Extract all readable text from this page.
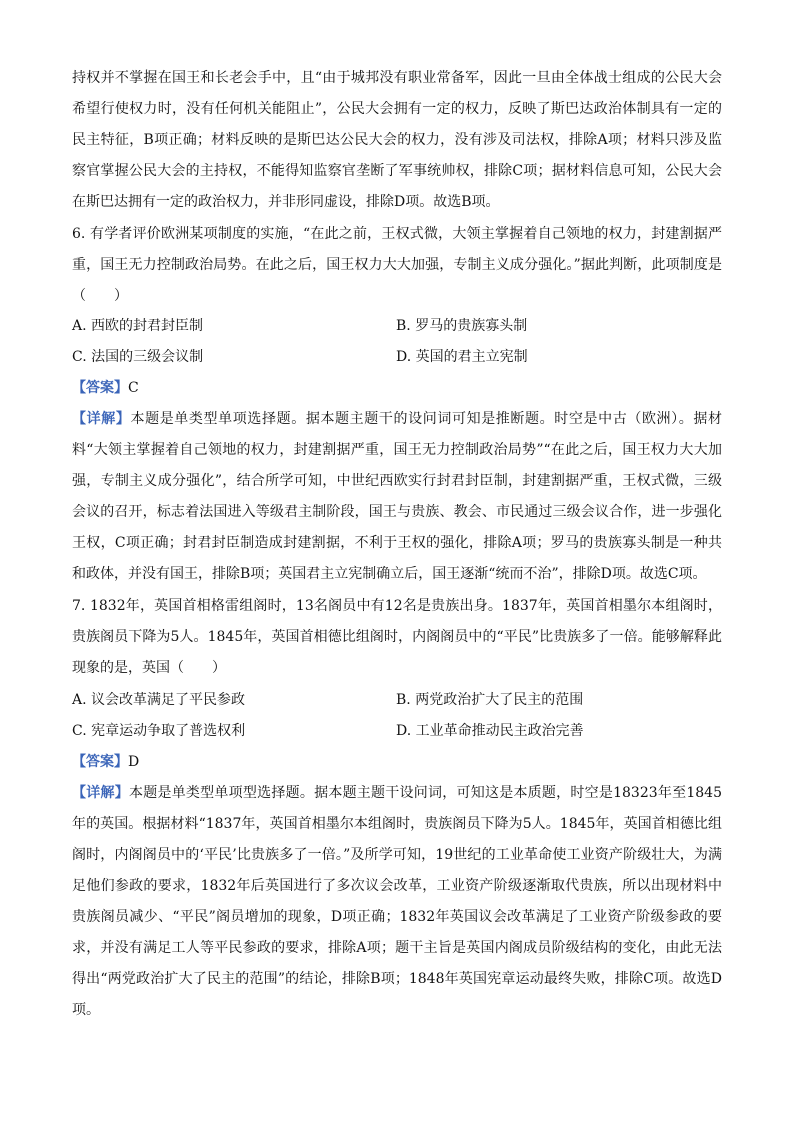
持权并不掌握在国王和长老会手中，且“由于城邦没有职业常备军，因此一旦由全体战士组成的公民大会希望行使权力时，没有任何机关能阻止”，公民大会拥有一定的权力，反映了斯巴达政治体制具有一定的民主特征，B项正确；材料反映的是斯巴达公民大会的权力，没有涉及司法权，排除A项；材料只涉及监察官掌握公民大会的主持权，不能得知监察官垄断了军事统帅权，排除C项；据材料信息可知，公民大会在斯巴达拥有一定的政治权力，并非形同虚设，排除D项。故选B项。

6. 有学者评价欧洲某项制度的实施，“在此之前，王权式微，大领主掌握着自己领地的权力，封建割据严重，国王无力控制政治局势。在此之后，国王权力大大加强，专制主义成分强化。”据此判断，此项制度是（　　）

A. 西欧的封君封臣制	B. 罗马的贵族寡头制
C. 法国的三级会议制	D. 英国的君主立宪制
【答案】C

【详解】本题是单类型单项选择题。据本题主题干的设问词可知是推断题。时空是中古（欧洲）。据材料“大领主掌握着自己领地的权力，封建割据严重，国王无力控制政治局势”“在此之后，国王权力大大加强，专制主义成分强化”，结合所学可知，中世纪西欧实行封君封臣制，封建割据严重，王权式微，三级会议的召开，标志着法国进入等级君主制阶段，国王与贵族、教会、市民通过三级会议合作，进一步强化王权，C项正确；封君封臣制造成封建割据，不利于王权的强化，排除A项；罗马的贵族寡头制是一种共和政体，并没有国王，排除B项；英国君主立宪制确立后，国王逐渐“统而不治”，排除D项。故选C项。

7. 1832年，英国首相格雷组阁时，13名阁员中有12名是贵族出身。1837年，英国首相墨尔本组阁时，贵族阁员下降为5人。1845年，英国首相德比组阁时，内阁阁员中的“平民”比贵族多了一倍。能够解释此现象的是，英国（　　）

A. 议会改革满足了平民参政	B. 两党政治扩大了民主的范围
C. 宪章运动争取了普选权利	D. 工业革命推动民主政治完善
【答案】D

【详解】本题是单类型单项型选择题。据本题主题干设问词，可知这是本质题，时空是18323年至1845年的英国。根据材料“1837年，英国首相墨尔本组阁时，贵族阁员下降为5人。1845年，英国首相德比组阁时，内阁阁员中的‘平民’比贵族多了一倍。”及所学可知，19世纪的工业革命使工业资产阶级壮大，为满足他们参政的要求，1832年后英国进行了多次议会改革，工业资产阶级逐渐取代贵族，所以出现材料中贵族阁员减少、“平民”阁员增加的现象，D项正确；1832年英国议会改革满足了工业资产阶级参政的要求，并没有满足工人等平民参政的要求，排除A项；题干主旨是英国内阁成员阶级结构的变化，由此无法得出“两党政治扩大了民主的范围”的结论，排除B项；1848年英国宪章运动最终失败，排除C项。故选D项。
